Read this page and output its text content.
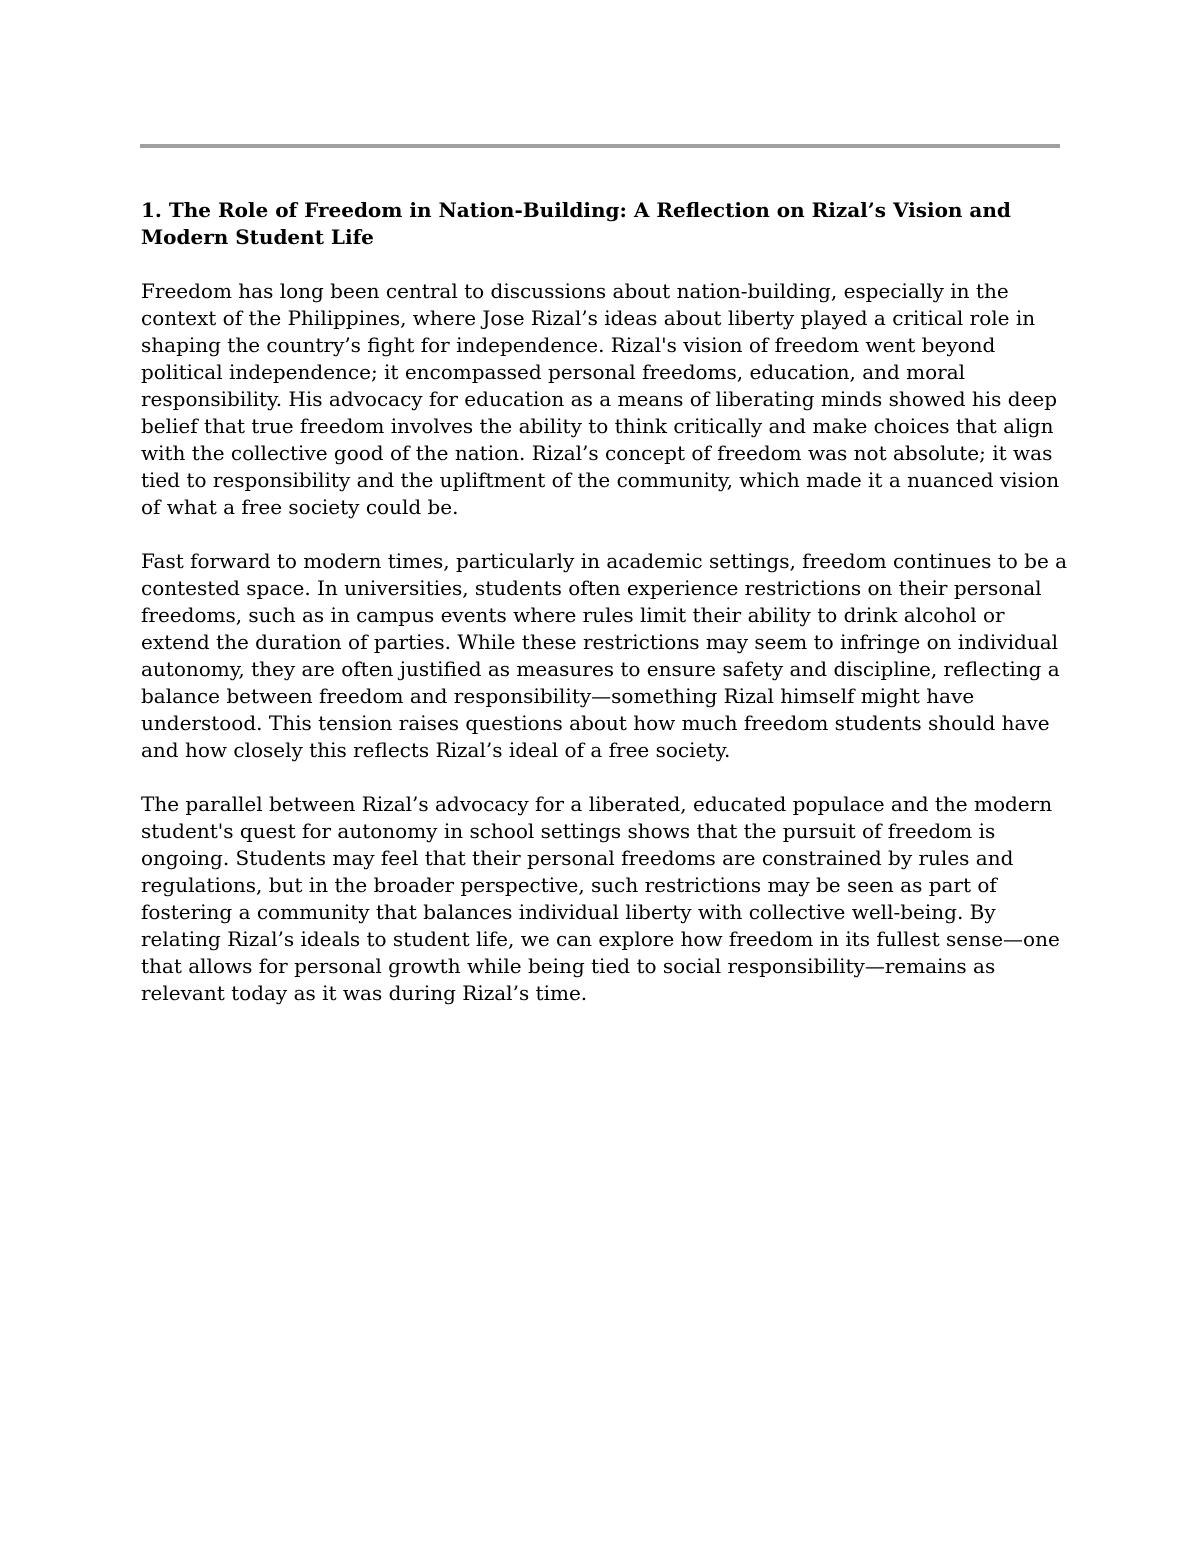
1. The Role of Freedom in Nation-Building: A Reflection on Rizal’s Vision and Modern Student Life

Freedom has long been central to discussions about nation-building, especially in the context of the Philippines, where Jose Rizal’s ideas about liberty played a critical role in shaping the country’s fight for independence. Rizal's vision of freedom went beyond political independence; it encompassed personal freedoms, education, and moral responsibility. His advocacy for education as a means of liberating minds showed his deep belief that true freedom involves the ability to think critically and make choices that align with the collective good of the nation. Rizal’s concept of freedom was not absolute; it was tied to responsibility and the upliftment of the community, which made it a nuanced vision of what a free society could be.

Fast forward to modern times, particularly in academic settings, freedom continues to be a contested space. In universities, students often experience restrictions on their personal freedoms, such as in campus events where rules limit their ability to drink alcohol or extend the duration of parties. While these restrictions may seem to infringe on individual autonomy, they are often justified as measures to ensure safety and discipline, reflecting a balance between freedom and responsibility—something Rizal himself might have understood. This tension raises questions about how much freedom students should have and how closely this reflects Rizal’s ideal of a free society.

The parallel between Rizal’s advocacy for a liberated, educated populace and the modern student's quest for autonomy in school settings shows that the pursuit of freedom is ongoing. Students may feel that their personal freedoms are constrained by rules and regulations, but in the broader perspective, such restrictions may be seen as part of fostering a community that balances individual liberty with collective well-being. By relating Rizal’s ideals to student life, we can explore how freedom in its fullest sense—one that allows for personal growth while being tied to social responsibility—remains as relevant today as it was during Rizal’s time.
